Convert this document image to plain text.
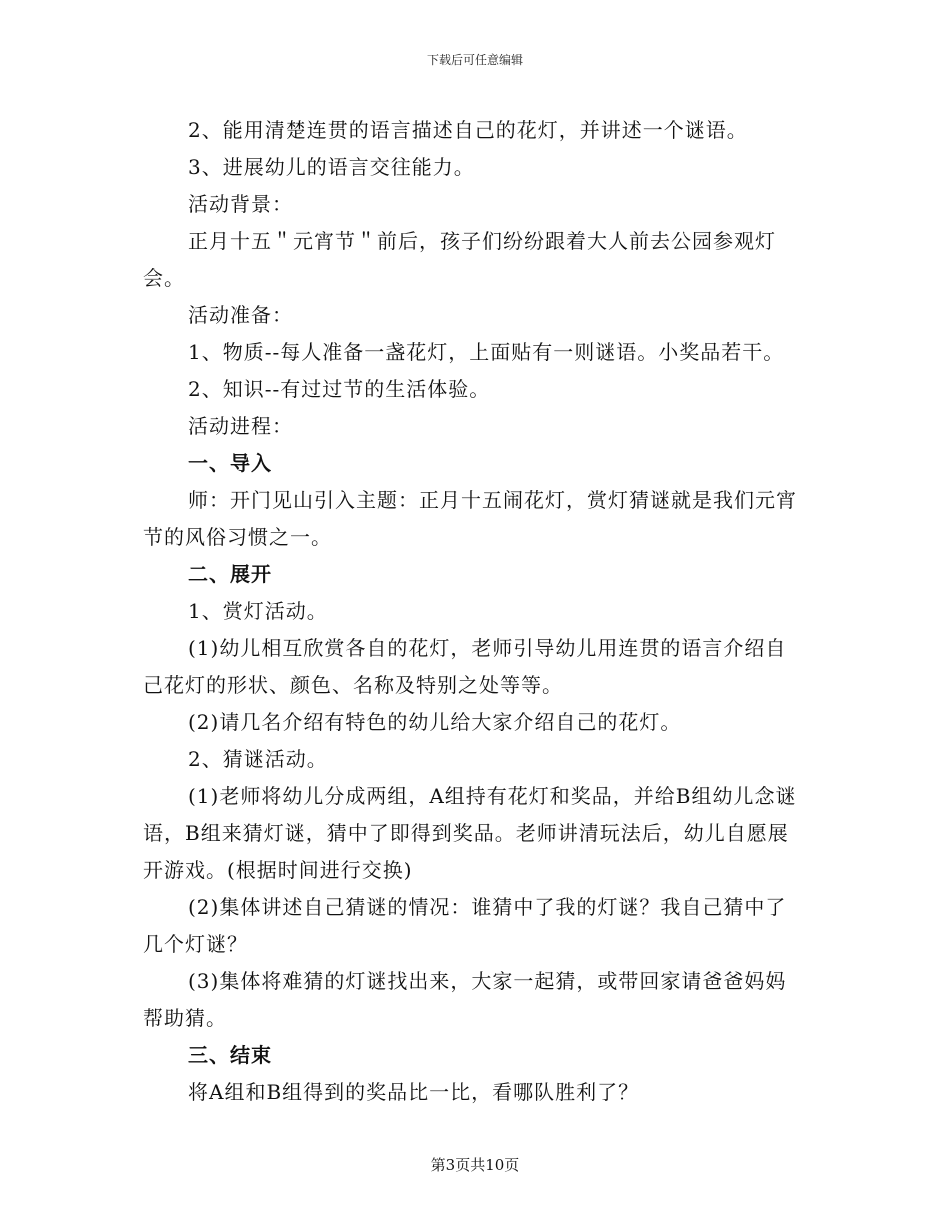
下载后可任意编辑

2、能用清楚连贯的语言描述自己的花灯，并讲述一个谜语。

3、进展幼儿的语言交往能力。

活动背景：

正月十五＂元宵节＂前后，孩子们纷纷跟着大人前去公园参观灯会。

活动准备：

1、物质--每人准备一盏花灯，上面贴有一则谜语。小奖品若干。

2、知识--有过过节的生活体验。

活动进程：

一、导入

师：开门见山引入主题：正月十五闹花灯，赏灯猜谜就是我们元宵节的风俗习惯之一。

二、展开

1、赏灯活动。

(1)幼儿相互欣赏各自的花灯，老师引导幼儿用连贯的语言介绍自己花灯的形状、颜色、名称及特别之处等等。

(2)请几名介绍有特色的幼儿给大家介绍自己的花灯。

2、猜谜活动。

(1)老师将幼儿分成两组，A组持有花灯和奖品，并给B组幼儿念谜语，B组来猜灯谜，猜中了即得到奖品。老师讲清玩法后，幼儿自愿展开游戏。(根据时间进行交换)

(2)集体讲述自己猜谜的情况：谁猜中了我的灯谜？我自己猜中了几个灯谜？

(3)集体将难猜的灯谜找出来，大家一起猜，或带回家请爸爸妈妈帮助猜。

三、结束

将A组和B组得到的奖品比一比，看哪队胜利了？

第3页共10页
